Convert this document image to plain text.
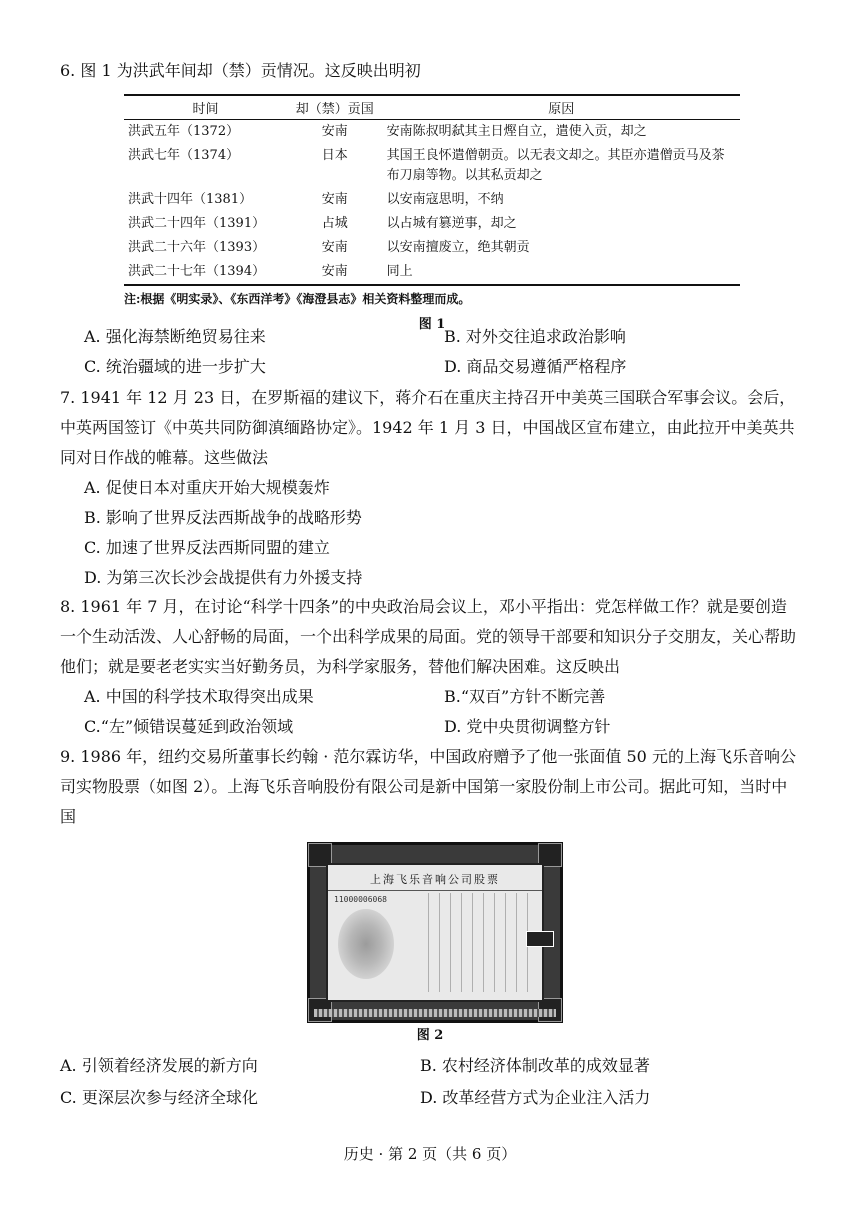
6. 图 1 为洪武年间却（禁）贡情况。这反映出明初

时间	却（禁）贡国	原因
洪武五年（1372）	安南	安南陈叔明弑其主日熞自立，遣使入贡，却之
洪武七年（1374）	日本	其国王良怀遣僧朝贡。以无表文却之。其臣亦遣僧贡马及茶布刀扇等物。以其私贡却之
洪武十四年（1381）	安南	以安南寇思明，不纳
洪武二十四年（1391）	占城	以占城有篡逆事，却之
洪武二十六年（1393）	安南	以安南擅废立，绝其朝贡
洪武二十七年（1394）	安南	同上
注:根据《明实录》、《东西洋考》《海澄县志》相关资料整理而成。
图 1
A. 强化海禁断绝贸易往来	B. 对外交往追求政治影响
C. 统治疆域的进一步扩大	D. 商品交易遵循严格程序

7. 1941 年 12 月 23 日，在罗斯福的建议下，蒋介石在重庆主持召开中美英三国联合军事会议。会后，中英两国签订《中英共同防御滇缅路协定》。1942 年 1 月 3 日，中国战区宣布建立，由此拉开中美英共同对日作战的帷幕。这些做法

A. 促使日本对重庆开始大规模轰炸
B. 影响了世界反法西斯战争的战略形势
C. 加速了世界反法西斯同盟的建立
D. 为第三次长沙会战提供有力外援支持

8. 1961 年 7 月，在讨论“科学十四条”的中央政治局会议上，邓小平指出：党怎样做工作？就是要创造一个生动活泼、人心舒畅的局面，一个出科学成果的局面。党的领导干部要和知识分子交朋友，关心帮助他们；就是要老老实实当好勤务员，为科学家服务，替他们解决困难。这反映出

A. 中国的科学技术取得突出成果	B.“双百”方针不断完善
C.“左”倾错误蔓延到政治领域	D. 党中央贯彻调整方针

9. 1986 年，纽约交易所董事长约翰 · 范尔霖访华，中国政府赠予了他一张面值 50 元的上海飞乐音响公司实物股票（如图 2）。上海飞乐音响股份有限公司是新中国第一家股份制上市公司。据此可知，当时中国

上海飞乐音响公司股票
11000006068
图 2
A. 引领着经济发展的新方向	B. 农村经济体制改革的成效显著
C. 更深层次参与经济全球化	D. 改革经营方式为企业注入活力
历史 · 第 2 页（共 6 页）
